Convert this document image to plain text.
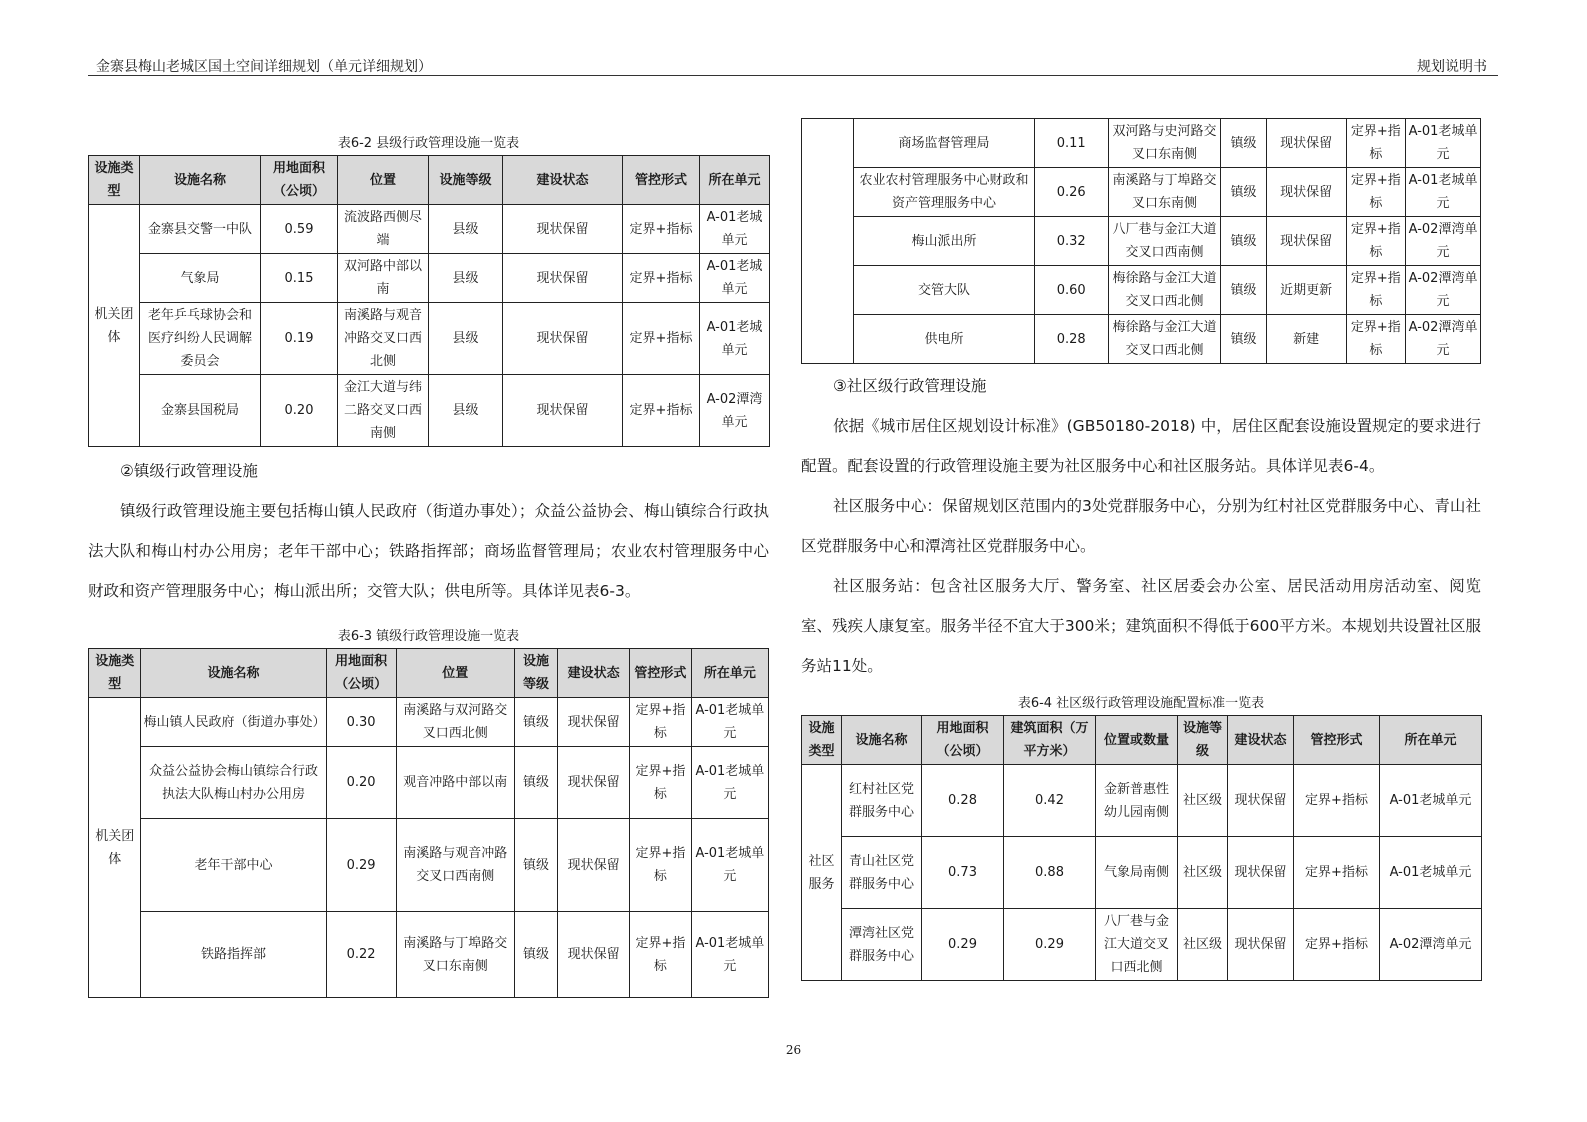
金寨县梅山老城区国土空间详细规划（单元详细规划）	规划说明书
表6-2 县级行政管理设施一览表
设施类型	设施名称	用地面积（公顷）	位置	设施等级	建设状态	管控形式	所在单元
机关团体	金寨县交警一中队	0.59	流波路西侧尽端	县级	现状保留	定界+指标	A-01老城单元
	气象局	0.15	双河路中部以南	县级	现状保留	定界+指标	A-01老城单元
	老年乒乓球协会和医疗纠纷人民调解委员会	0.19	南溪路与观音冲路交叉口西北侧	县级	现状保留	定界+指标	A-01老城单元
	金寨县国税局	0.20	金江大道与纬二路交叉口西南侧	县级	现状保留	定界+指标	A-02潭湾单元

②镇级行政管理设施

镇级行政管理设施主要包括梅山镇人民政府（街道办事处）；众益公益协会、梅山镇综合行政执法大队和梅山村办公用房；老年干部中心；铁路指挥部；商场监督管理局；农业农村管理服务中心财政和资产管理服务中心；梅山派出所；交管大队；供电所等。具体详见表6-3。

表6-3 镇级行政管理设施一览表
设施类型	设施名称	用地面积（公顷）	位置	设施等级	建设状态	管控形式	所在单元
机关团体	梅山镇人民政府（街道办事处）	0.30	南溪路与双河路交叉口西北侧	镇级	现状保留	定界+指标	A-01老城单元
	众益公益协会梅山镇综合行政执法大队梅山村办公用房	0.20	观音冲路中部以南	镇级	现状保留	定界+指标	A-01老城单元
	老年干部中心	0.29	南溪路与观音冲路交叉口西南侧	镇级	现状保留	定界+指标	A-01老城单元
	铁路指挥部	0.22	南溪路与丁埠路交叉口东南侧	镇级	现状保留	定界+指标	A-01老城单元
	商场监督管理局	0.11	双河路与史河路交叉口东南侧	镇级	现状保留	定界+指标	A-01老城单元
	农业农村管理服务中心财政和资产管理服务中心	0.26	南溪路与丁埠路交叉口东南侧	镇级	现状保留	定界+指标	A-01老城单元
	梅山派出所	0.32	八厂巷与金江大道交叉口西南侧	镇级	现状保留	定界+指标	A-02潭湾单元
	交管大队	0.60	梅徐路与金江大道交叉口西北侧	镇级	近期更新	定界+指标	A-02潭湾单元
	供电所	0.28	梅徐路与金江大道交叉口西北侧	镇级	新建	定界+指标	A-02潭湾单元

③社区级行政管理设施

依据《城市居住区规划设计标准》(GB50180-2018) 中，居住区配套设施设置规定的要求进行配置。配套设置的行政管理设施主要为社区服务中心和社区服务站。具体详见表6-4。

社区服务中心：保留规划区范围内的3处党群服务中心，分别为红村社区党群服务中心、青山社区党群服务中心和潭湾社区党群服务中心。

社区服务站：包含社区服务大厅、警务室、社区居委会办公室、居民活动用房活动室、阅览室、残疾人康复室。服务半径不宜大于300米；建筑面积不得低于600平方米。本规划共设置社区服务站11处。

表6-4 社区级行政管理设施配置标准一览表
设施类型	设施名称	用地面积（公顷）	建筑面积（万平方米）	位置或数量	设施等级	建设状态	管控形式	所在单元
社区服务	红村社区党群服务中心	0.28	0.42	金新普惠性幼儿园南侧	社区级	现状保留	定界+指标	A-01老城单元
	青山社区党群服务中心	0.73	0.88	气象局南侧	社区级	现状保留	定界+指标	A-01老城单元
	潭湾社区党群服务中心	0.29	0.29	八厂巷与金江大道交叉口西北侧	社区级	现状保留	定界+指标	A-02潭湾单元
26
